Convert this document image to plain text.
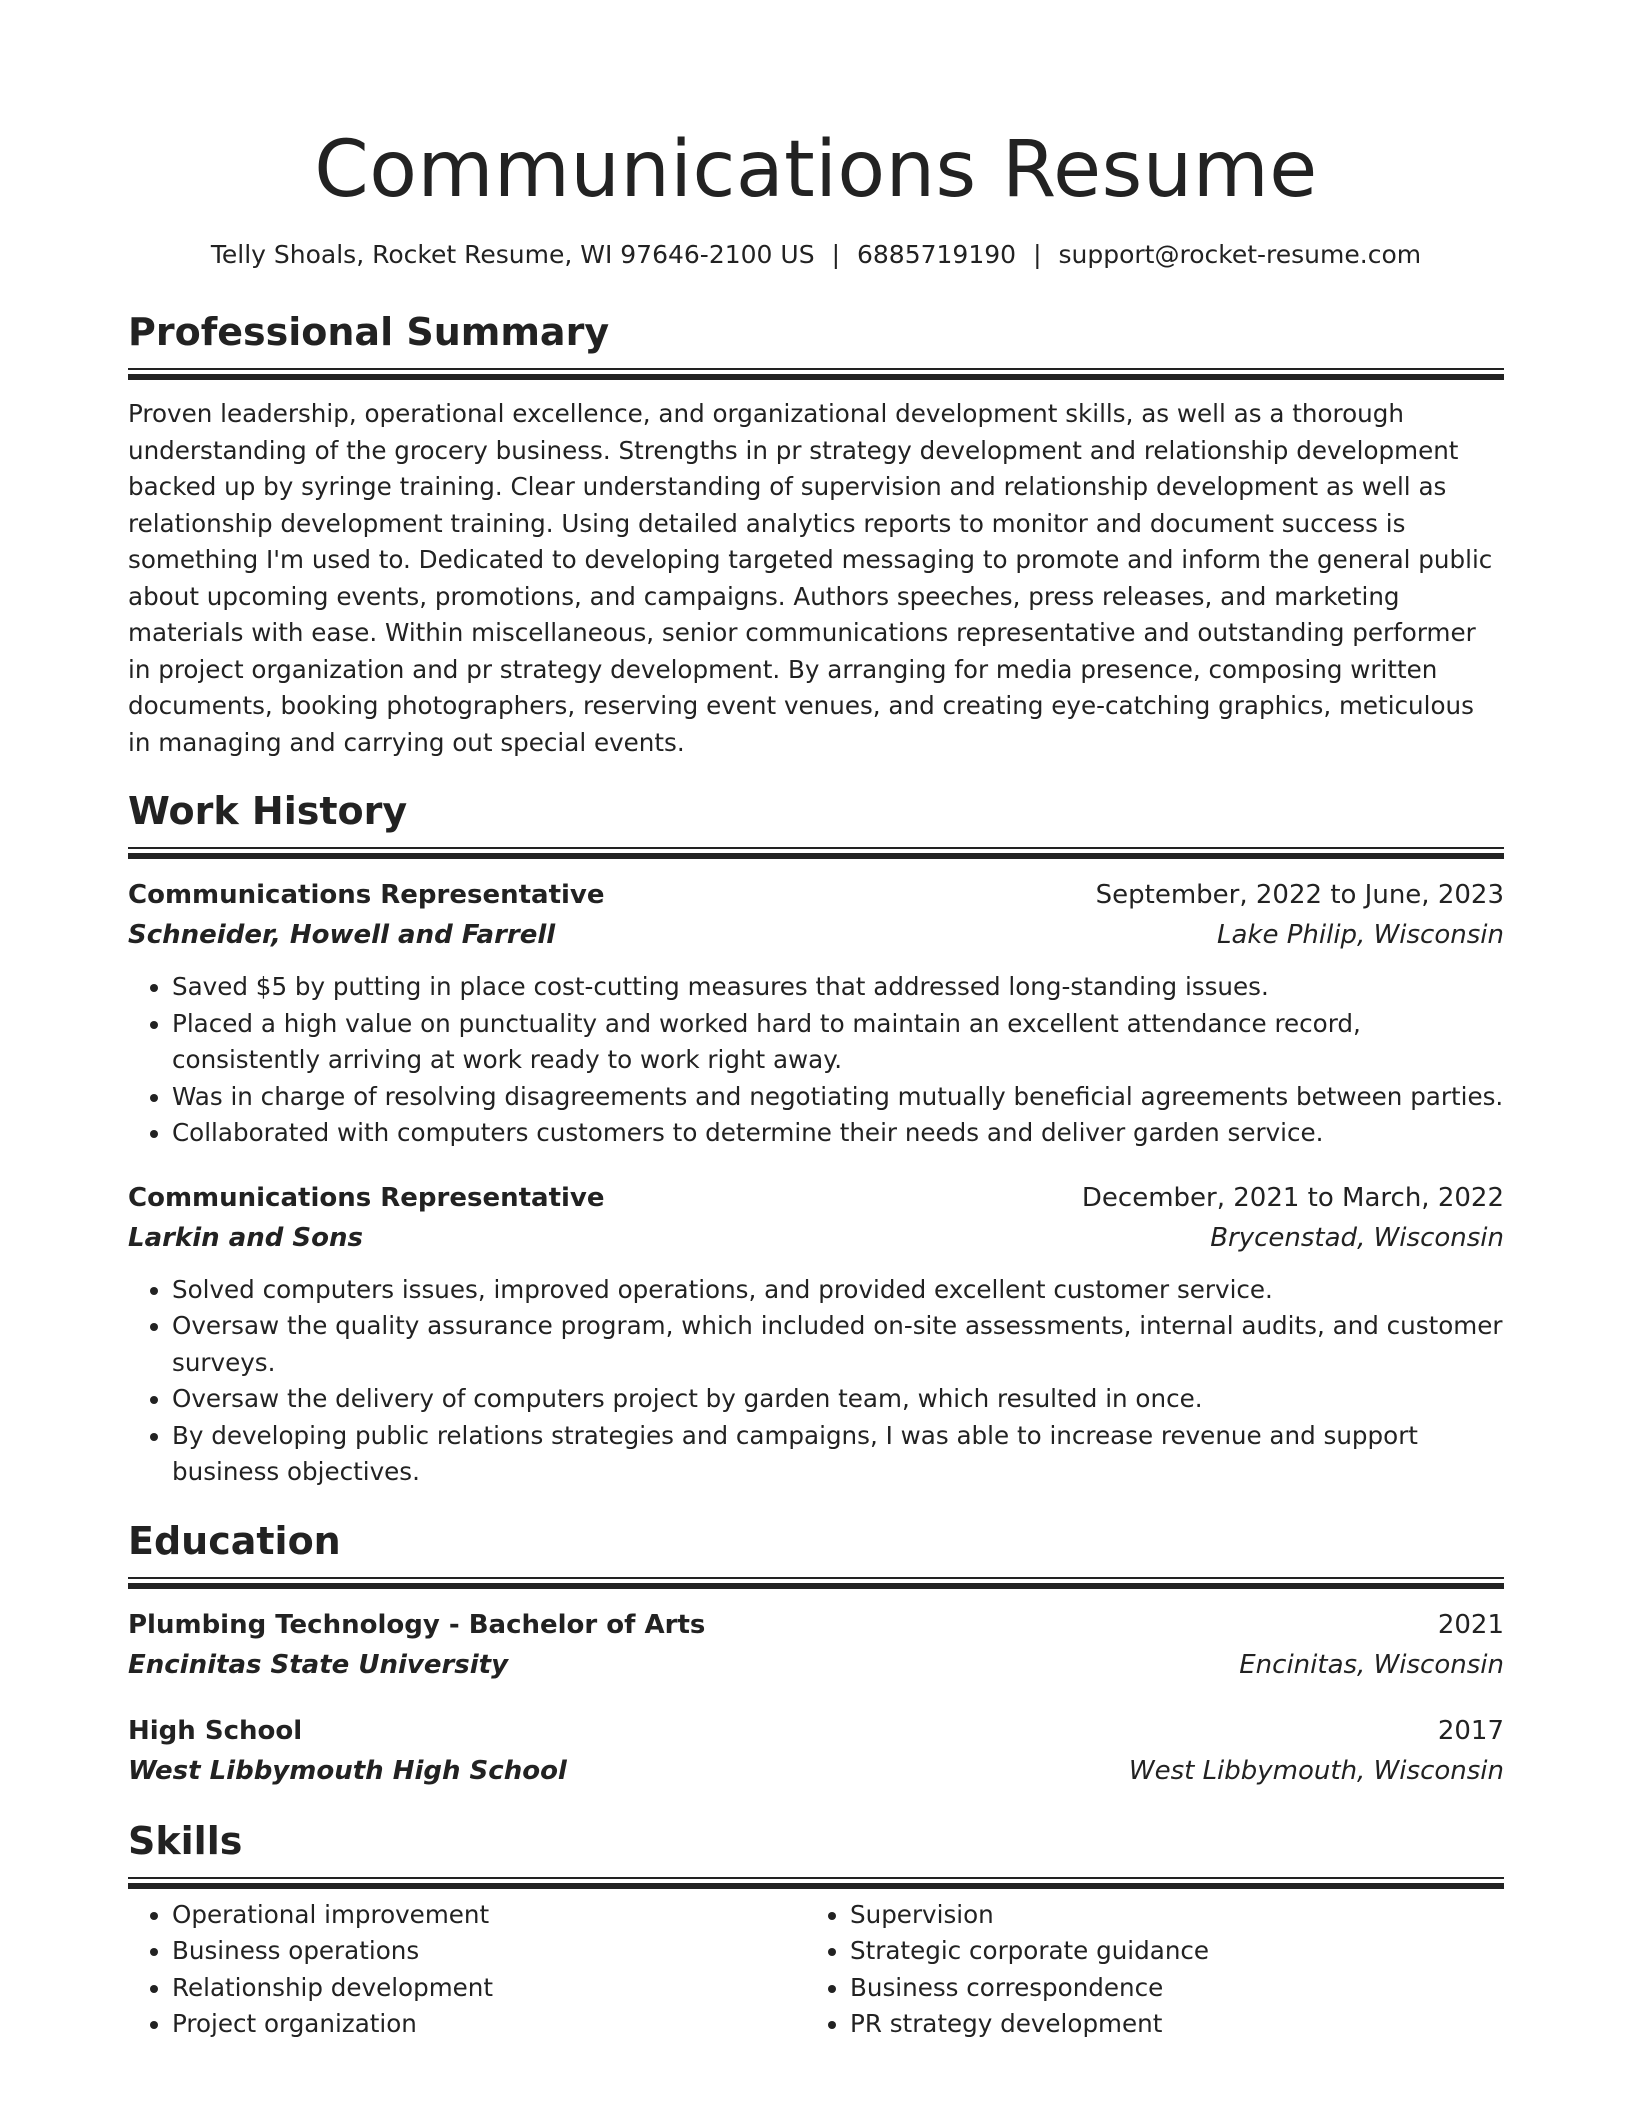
Communications Resume
Telly Shoals, Rocket Resume, WI 97646-2100 US | 6885719190 | support@rocket-resume.com
Professional Summary
Proven leadership, operational excellence, and organizational development skills, as well as a thorough understanding of the grocery business. Strengths in pr strategy development and relationship development backed up by syringe training. Clear understanding of supervision and relationship development as well as relationship development training. Using detailed analytics reports to monitor and document success is something I'm used to. Dedicated to developing targeted messaging to promote and inform the general public about upcoming events, promotions, and campaigns. Authors speeches, press releases, and marketing materials with ease. Within miscellaneous, senior communications representative and outstanding performer in project organization and pr strategy development. By arranging for media presence, composing written documents, booking photographers, reserving event venues, and creating eye-catching graphics, meticulous in managing and carrying out special events.
Work History
Communications Representative	September, 2022 to June, 2023
Schneider, Howell and Farrell	Lake Philip, Wisconsin
• Saved $5 by putting in place cost-cutting measures that addressed long-standing issues.
• Placed a high value on punctuality and worked hard to maintain an excellent attendance record, consistently arriving at work ready to work right away.
• Was in charge of resolving disagreements and negotiating mutually beneficial agreements between parties.
• Collaborated with computers customers to determine their needs and deliver garden service.
Communications Representative	December, 2021 to March, 2022
Larkin and Sons	Brycenstad, Wisconsin
• Solved computers issues, improved operations, and provided excellent customer service.
• Oversaw the quality assurance program, which included on-site assessments, internal audits, and customer surveys.
• Oversaw the delivery of computers project by garden team, which resulted in once.
• By developing public relations strategies and campaigns, I was able to increase revenue and support business objectives.
Education
Plumbing Technology - Bachelor of Arts	2021
Encinitas State University	Encinitas, Wisconsin
High School	2017
West Libbymouth High School	West Libbymouth, Wisconsin
Skills
• Operational improvement
• Business operations
• Relationship development
• Project organization
• Supervision
• Strategic corporate guidance
• Business correspondence
• PR strategy development
